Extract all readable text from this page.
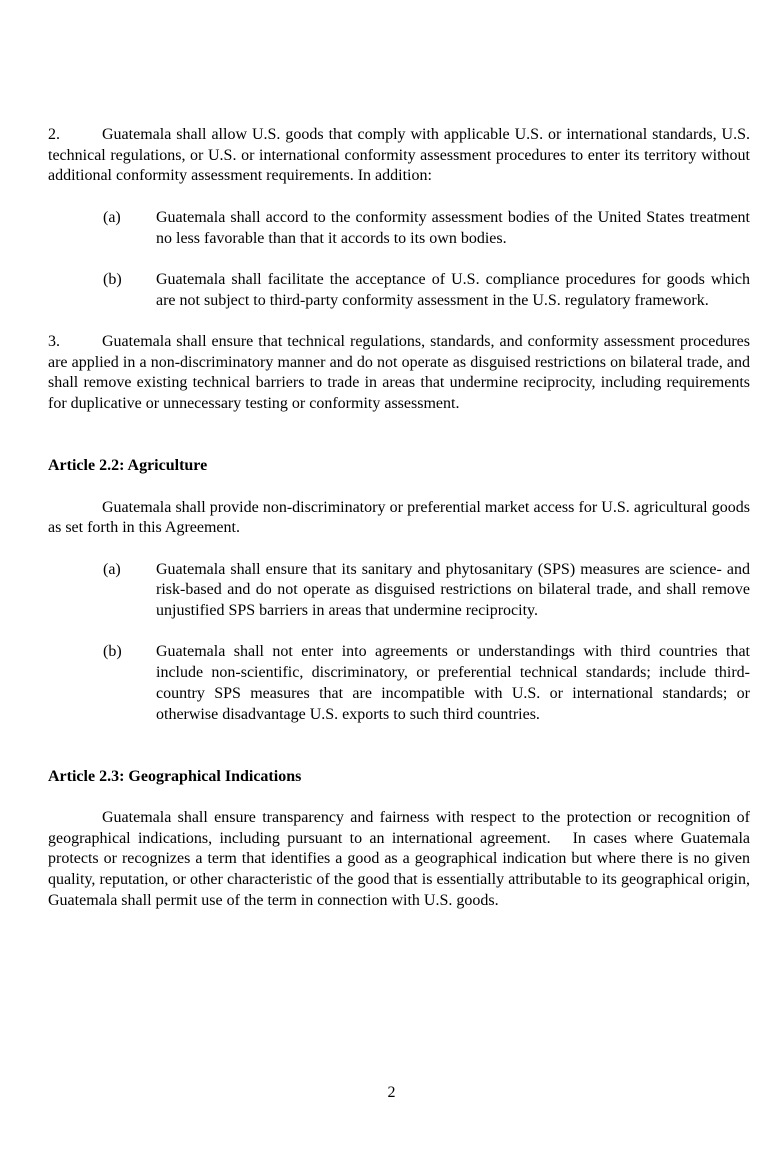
2.	Guatemala shall allow U.S. goods that comply with applicable U.S. or international standards, U.S. technical regulations, or U.S. or international conformity assessment procedures to enter its territory without additional conformity assessment requirements. In addition:

(a)	Guatemala shall accord to the conformity assessment bodies of the United States treatment no less favorable than that it accords to its own bodies.
(b)	Guatemala shall facilitate the acceptance of U.S. compliance procedures for goods which are not subject to third-party conformity assessment in the U.S. regulatory framework.

3.	Guatemala shall ensure that technical regulations, standards, and conformity assessment procedures are applied in a non-discriminatory manner and do not operate as disguised restrictions on bilateral trade, and shall remove existing technical barriers to trade in areas that undermine reciprocity, including requirements for duplicative or unnecessary testing or conformity assessment.

Article 2.2: Agriculture

Guatemala shall provide non-discriminatory or preferential market access for U.S. agricultural goods as set forth in this Agreement.

(a)	Guatemala shall ensure that its sanitary and phytosanitary (SPS) measures are science- and risk-based and do not operate as disguised restrictions on bilateral trade, and shall remove unjustified SPS barriers in areas that undermine reciprocity.
(b)	Guatemala shall not enter into agreements or understandings with third countries that include non-scientific, discriminatory, or preferential technical standards; include third-country SPS measures that are incompatible with U.S. or international standards; or otherwise disadvantage U.S. exports to such third countries.
Article 2.3: Geographical Indications

Guatemala shall ensure transparency and fairness with respect to the protection or recognition of geographical indications, including pursuant to an international agreement.   In cases where Guatemala protects or recognizes a term that identifies a good as a geographical indication but where there is no given quality, reputation, or other characteristic of the good that is essentially attributable to its geographical origin, Guatemala shall permit use of the term in connection with U.S. goods.

2
